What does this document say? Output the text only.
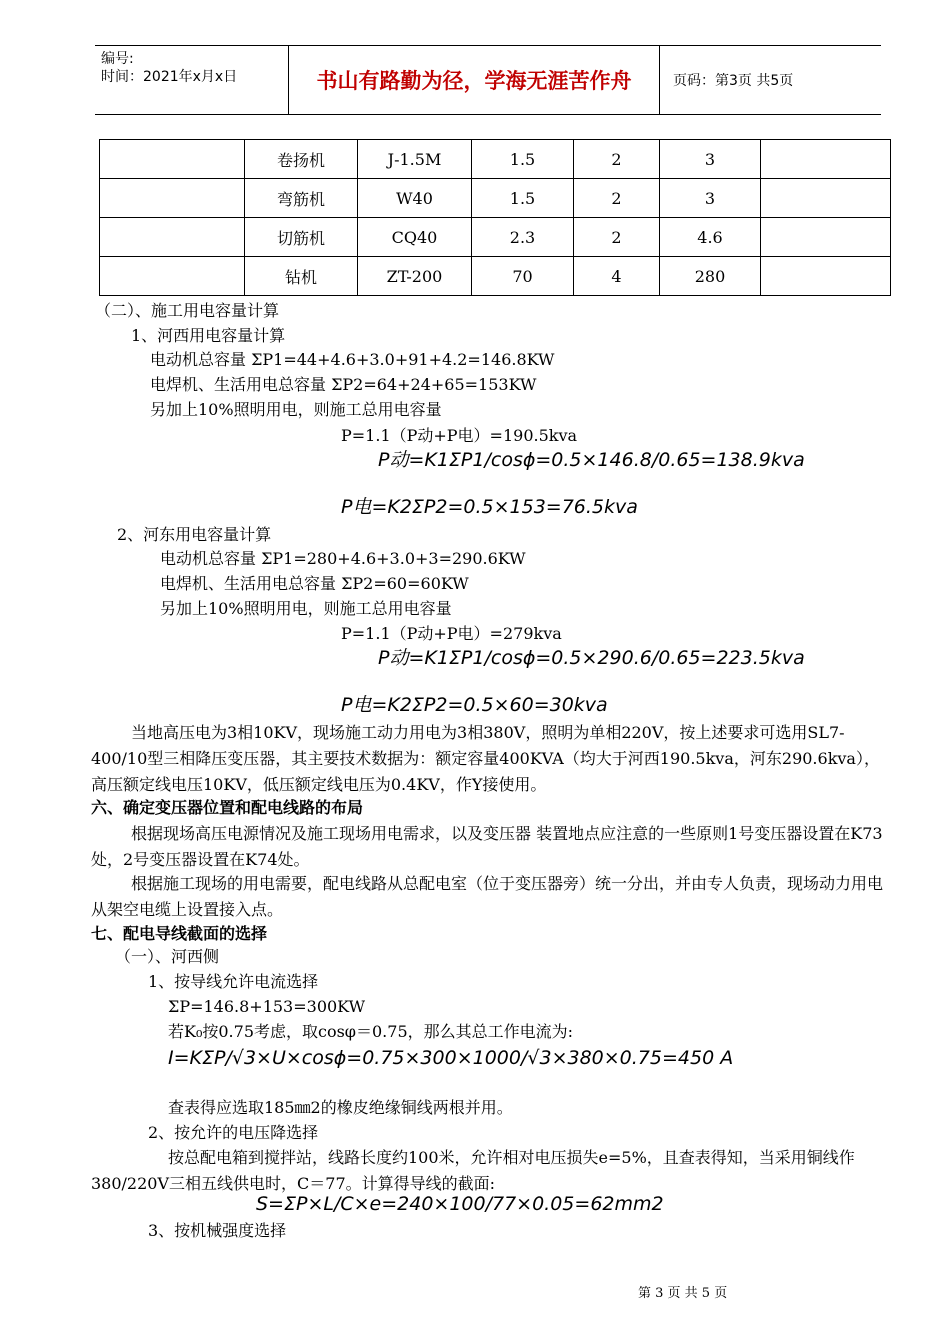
编号:
时间：2021年x月x日	书山有路勤为径，学海无涯苦作舟	页码：第3页 共5页
	卷扬机	J-1.5M	1.5	2	3	
	弯筋机	W40	1.5	2	3	
	切筋机	CQ40	2.3	2	4.6	
	钻机	ZT-200	70	4	280	
（二）、施工用电容量计算
1、河西用电容量计算
电动机总容量 ΣP1=44+4.6+3.0+91+4.2=146.8KW
电焊机、生活用电总容量 ΣP2=64+24+65=153KW
另加上10%照明用电，则施工总用电容量
P=1.1（P动+P电）=190.5kva
P动=K1ΣP1/cosϕ=0.5×146.8/0.65=138.9kva
P电=K2ΣP2=0.5×153=76.5kva
2、河东用电容量计算
电动机总容量 ΣP1=280+4.6+3.0+3=290.6KW
电焊机、生活用电总容量 ΣP2=60=60KW
另加上10%照明用电，则施工总用电容量
P=1.1（P动+P电）=279kva
P动=K1ΣP1/cosϕ=0.5×290.6/0.65=223.5kva
P电=K2ΣP2=0.5×60=30kva
当地高压电为3相10KV，现场施工动力用电为3相380V，照明为单相220V，按上述要求可选用SL7-400/10型三相降压变压器，其主要技术数据为：额定容量400KVA（均大于河西190.5kva，河东290.6kva），高压额定线电压10KV，低压额定线电压为0.4KV，作Y接使用。
六、确定变压器位置和配电线路的布局
根据现场高压电源情况及施工现场用电需求，以及变压器 装置地点应注意的一些原则1号变压器设置在K73处，2号变压器设置在K74处。
根据施工现场的用电需要，配电线路从总配电室（位于变压器旁）统一分出，并由专人负责，现场动力用电从架空电缆上设置接入点。
七、配电导线截面的选择
（一）、河西侧
1、按导线允许电流选择
ΣP=146.8+153=300KW
若K₀按0.75考虑，取cosφ＝0.75，那么其总工作电流为:
I=KΣP/√3×U×cosϕ=0.75×300×1000/√3×380×0.75=450 A
查表得应选取185㎜2的橡皮绝缘铜线两根并用。
2、按允许的电压降选择
按总配电箱到搅拌站，线路长度约100米，允许相对电压损失e=5%，且查表得知，当采用铜线作380/220V三相五线供电时，C＝77。计算得导线的截面:
S=ΣP×L/C×e=240×100/77×0.05=62mm2
3、按机械强度选择
第 3 页 共 5 页
